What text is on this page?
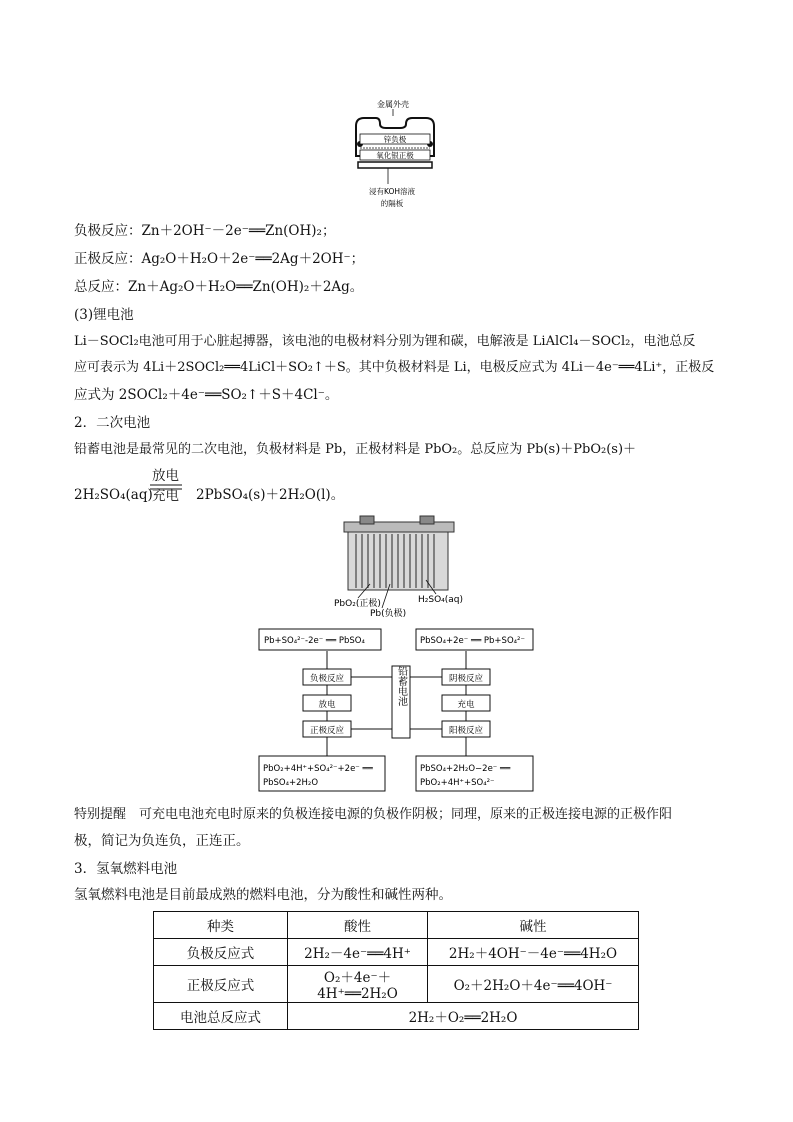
金属外壳
锌负极
氧化银正极
浸有KOH溶液
的隔板
负极反应：Zn＋2OH⁻－2e⁻══Zn(OH)₂；
正极反应：Ag₂O＋H₂O＋2e⁻══2Ag＋2OH⁻；
总反应：Zn＋Ag₂O＋H₂O══Zn(OH)₂＋2Ag。
(3)锂电池
Li－SOCl₂电池可用于心脏起搏器，该电池的电极材料分别为锂和碳，电解液是 LiAlCl₄－SOCl₂，电池总反
应可表示为 4Li＋2SOCl₂══4LiCl＋SO₂↑＋S。其中负极材料是 Li，电极反应式为 4Li－4e⁻══4Li⁺，正极反
应式为 2SOCl₂＋4e⁻══SO₂↑＋S＋4Cl⁻。
2．二次电池
铅蓄电池是最常见的二次电池，负极材料是 Pb，正极材料是 PbO₂。总反应为 Pb(s)＋PbO₂(s)＋
2H₂SO₄(aq)
放电
充电 2PbSO₄(s)＋2H₂O(l)。
PbO₂(正极)
Pb(负极)
H₂SO₄(aq)
Pb+SO₄²⁻-2e⁻ ══ PbSO₄	PbSO₄+2e⁻ ══ Pb+SO₄²⁻
负极反应
放电
正极反应
阴极反应
充电
阳极反应
PbO₂+4H⁺+SO₄²⁻+2e⁻ ══
PbSO₄+2H₂O
PbSO₄+2H₂O−2e⁻ ══
PbO₂+4H⁺+SO₄²⁻
铅蓄电池
特别提醒　可充电电池充电时原来的负极连接电源的负极作阴极；同理，原来的正极连接电源的正极作阳
极，简记为负连负，正连正。
3．氢氧燃料电池
氢氧燃料电池是目前最成熟的燃料电池，分为酸性和碱性两种。
种类	酸性	碱性
负极反应式	2H₂－4e⁻══4H⁺	2H₂＋4OH⁻－4e⁻══4H₂O
正极反应式	O₂＋4e⁻＋4H⁺══2H₂O	O₂＋2H₂O＋4e⁻══4OH⁻
电池总反应式	2H₂＋O₂══2H₂O	
